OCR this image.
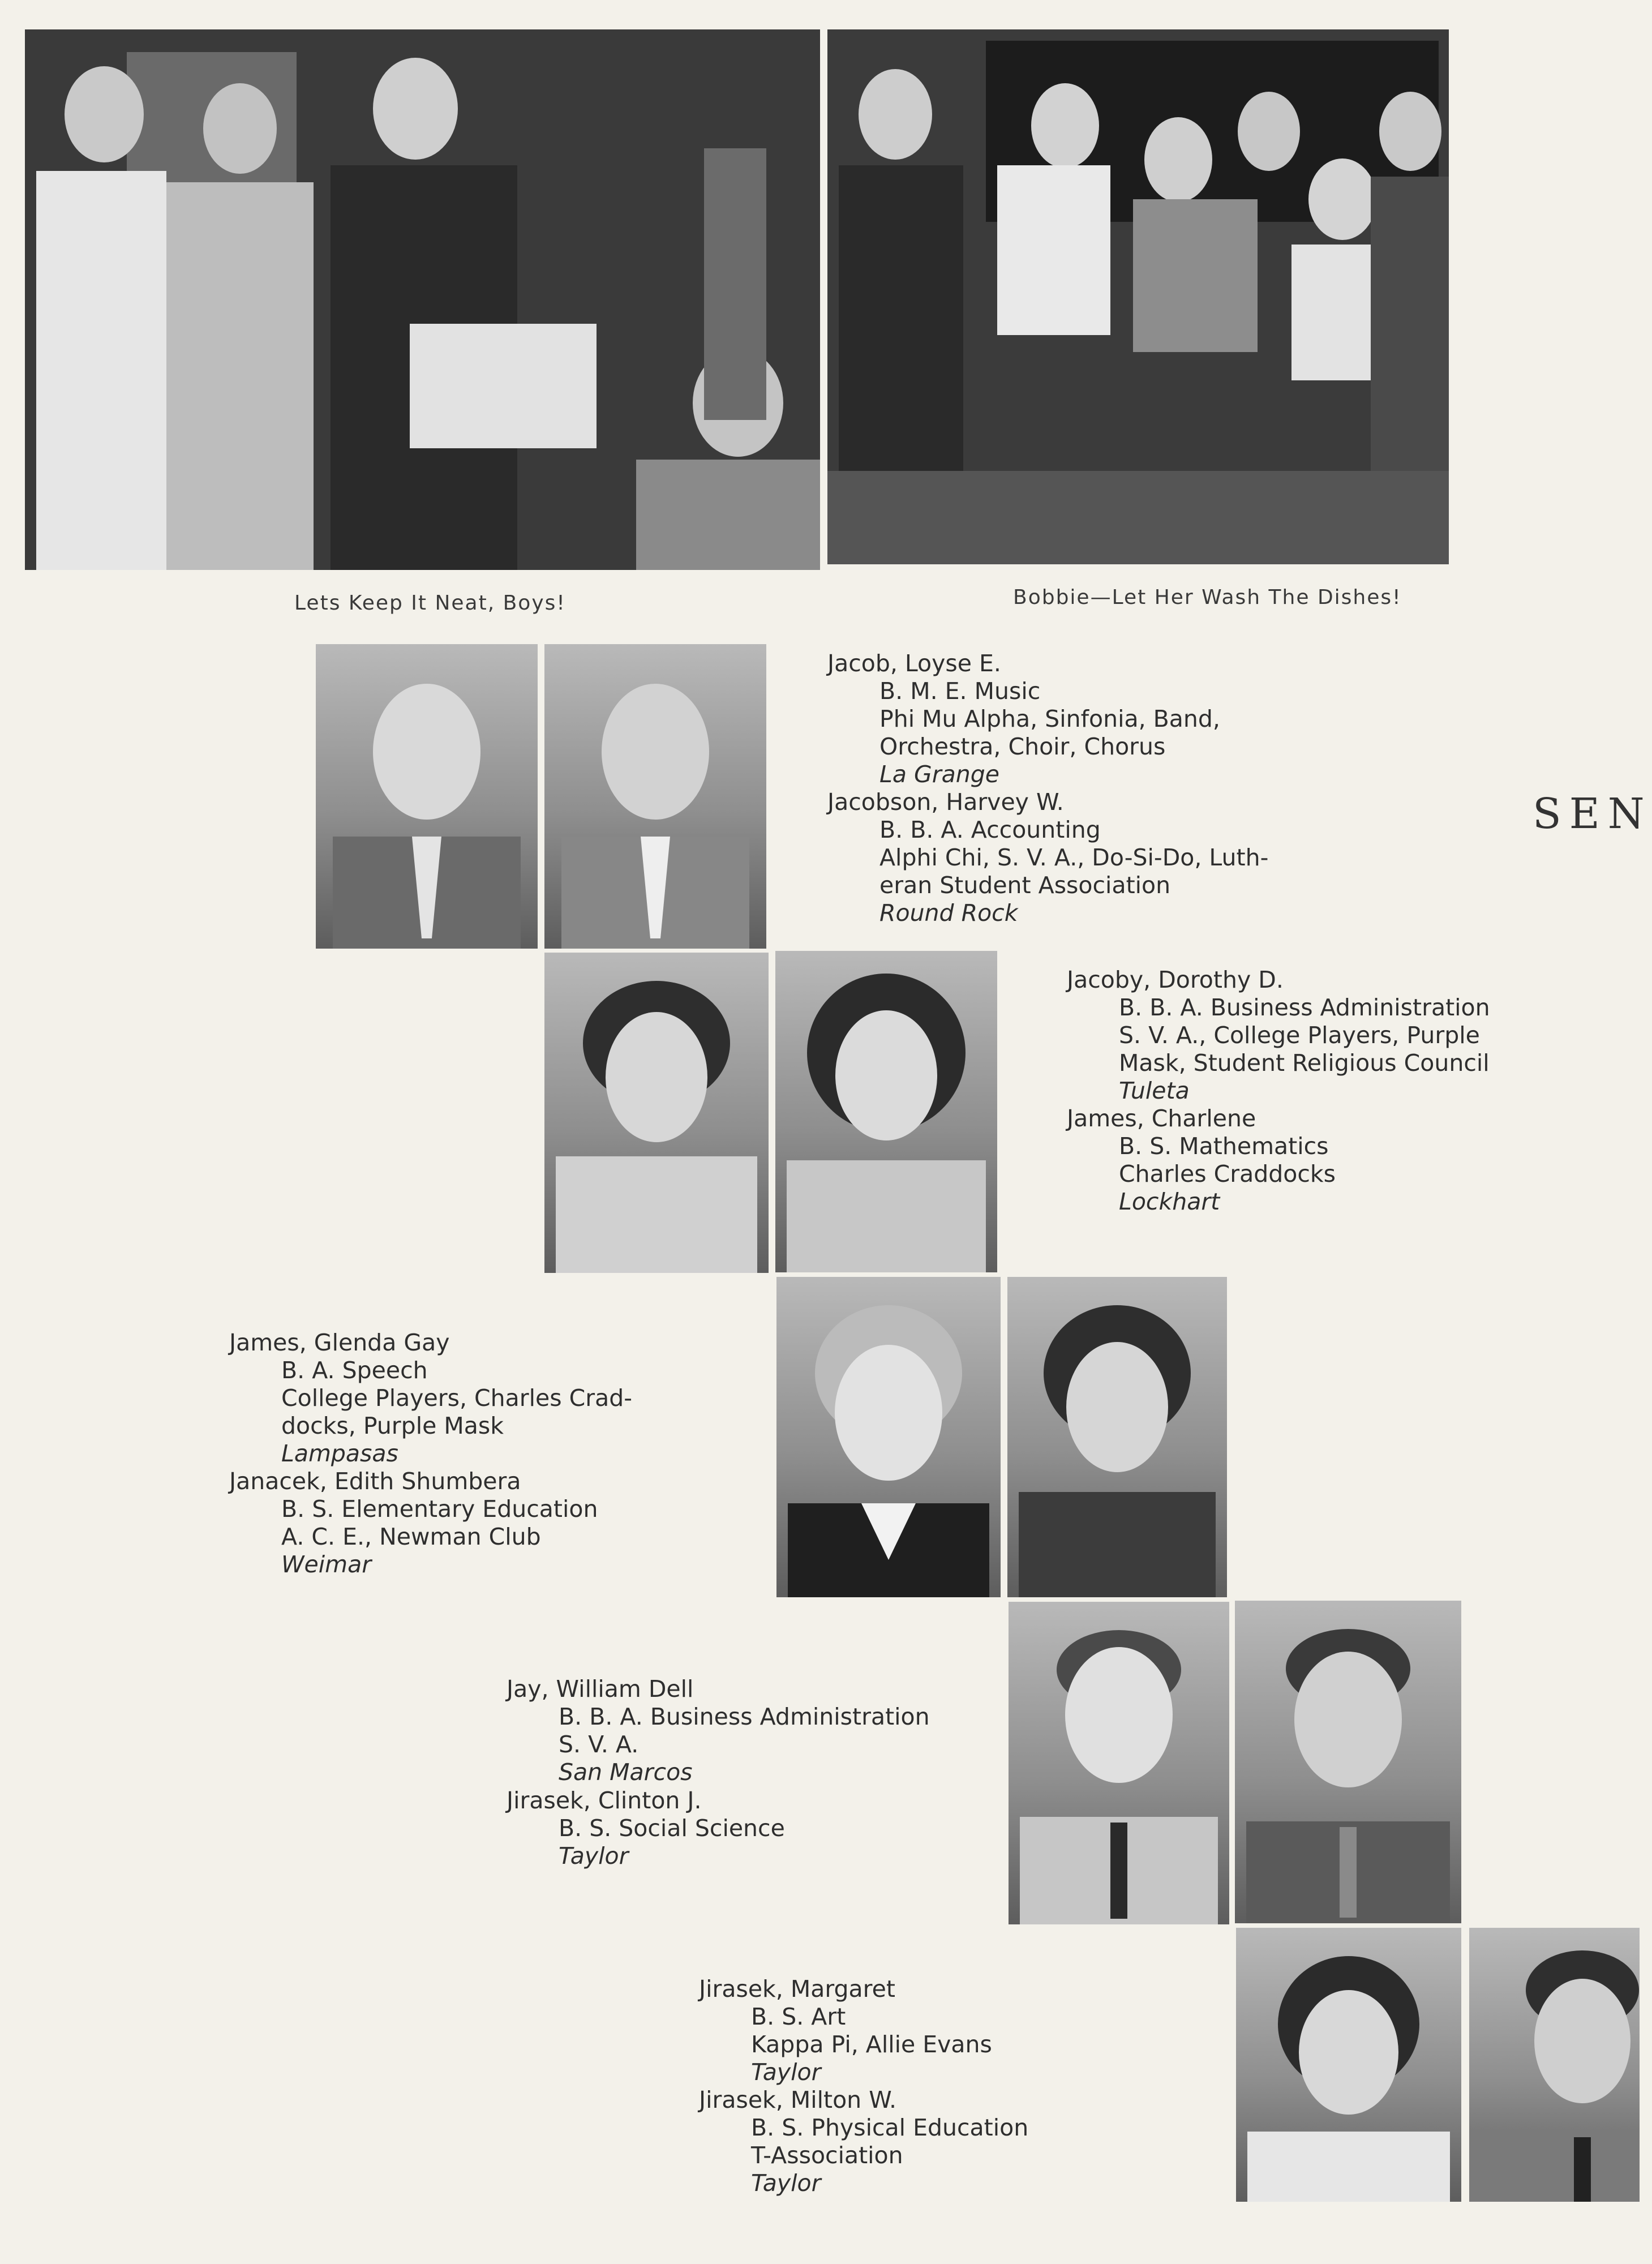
Lets Keep It Neat, Boys!	Bobbie—Let Her Wash The Dishes!
SEN
Jacob, Loyse E.
B. M. E. Music
Phi Mu Alpha, Sinfonia, Band,
Orchestra, Choir, Chorus
La Grange
Jacobson, Harvey W.
B. B. A. Accounting
Alphi Chi, S. V. A., Do-Si-Do, Luth-
eran Student Association
Round Rock
Jacoby, Dorothy D.
B. B. A. Business Administration
S. V. A., College Players, Purple
Mask, Student Religious Council
Tuleta
James, Charlene
B. S. Mathematics
Charles Craddocks
Lockhart
James, Glenda Gay
B. A. Speech
College Players, Charles Crad-
docks, Purple Mask
Lampasas
Janacek, Edith Shumbera
B. S. Elementary Education
A. C. E., Newman Club
Weimar
Jay, William Dell
B. B. A. Business Administration
S. V. A.
San Marcos
Jirasek, Clinton J.
B. S. Social Science
Taylor
Jirasek, Margaret
B. S. Art
Kappa Pi, Allie Evans
Taylor
Jirasek, Milton W.
B. S. Physical Education
T-Association
Taylor
